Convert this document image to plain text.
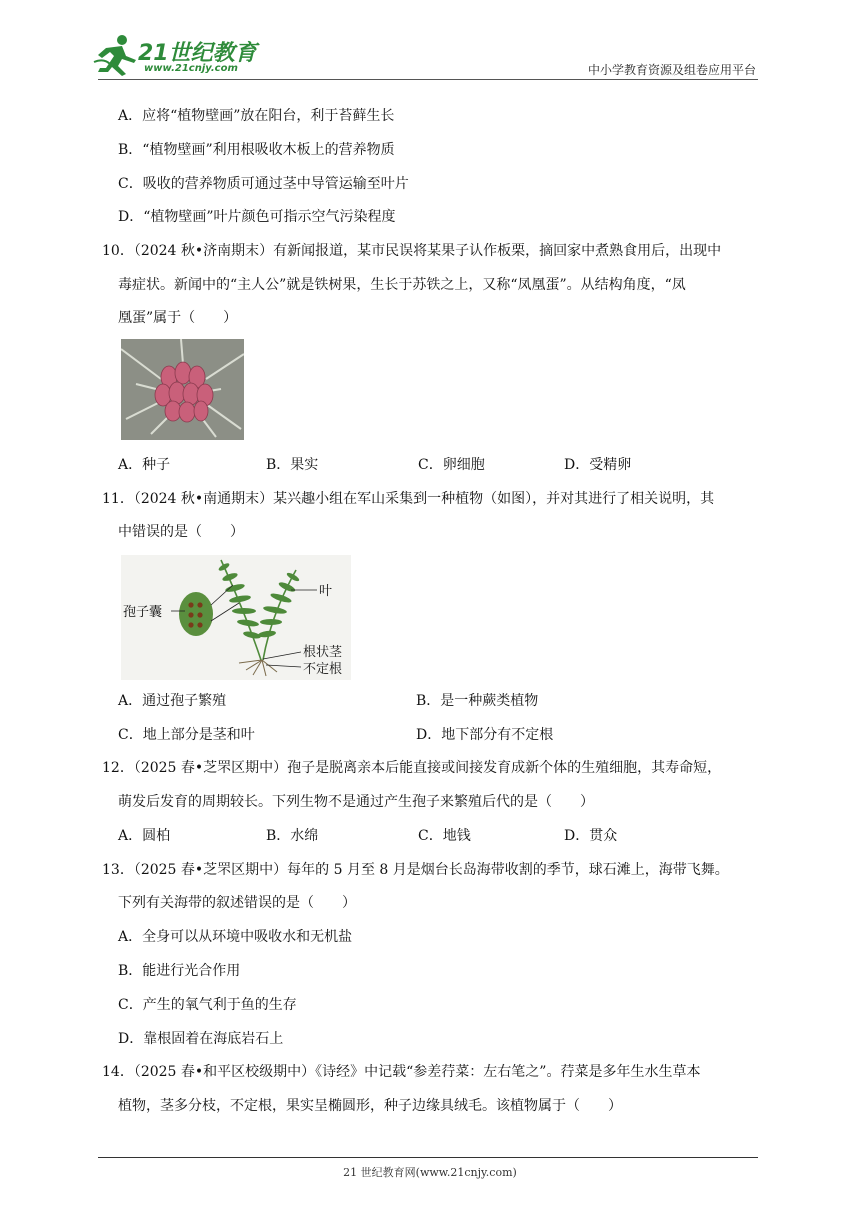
21世纪教育
www.21cnjy.com	中小学教育资源及组卷应用平台
A．应将“植物壁画”放在阳台，利于苔藓生长
B．“植物壁画”利用根吸收木板上的营养物质
C．吸收的营养物质可通过茎中导管运输至叶片
D．“植物壁画”叶片颜色可指示空气污染程度
10．（2024 秋•济南期末）有新闻报道，某市民误将某果子认作板栗，摘回家中煮熟食用后，出现中
毒症状。新闻中的“主人公”就是铁树果，生长于苏铁之上，又称“凤凰蛋”。从结构角度，“凤
凰蛋”属于（　　）
A．种子	B．果实	C．卵细胞	D．受精卵
11．（2024 秋•南通期末）某兴趣小组在军山采集到一种植物（如图），并对其进行了相关说明，其
中错误的是（　　）
孢子囊
叶
根状茎
不定根
A．通过孢子繁殖	B．是一种蕨类植物
C．地上部分是茎和叶	D．地下部分有不定根
12．（2025 春•芝罘区期中）孢子是脱离亲本后能直接或间接发育成新个体的生殖细胞，其寿命短，
萌发后发育的周期较长。下列生物不是通过产生孢子来繁殖后代的是（　　）
A．圆柏	B．水绵	C．地钱	D．贯众
13．（2025 春•芝罘区期中）每年的 5 月至 8 月是烟台长岛海带收割的季节，球石滩上，海带飞舞。
下列有关海带的叙述错误的是（　　）
A．全身可以从环境中吸收水和无机盐
B．能进行光合作用
C．产生的氧气利于鱼的生存
D．靠根固着在海底岩石上
14．（2025 春•和平区校级期中）《诗经》中记载“参差荇菜：左右笔之”。荇菜是多年生水生草本
植物，茎多分枝，不定根，果实呈椭圆形，种子边缘具绒毛。该植物属于（　　）
21 世纪教育网(www.21cnjy.com)
